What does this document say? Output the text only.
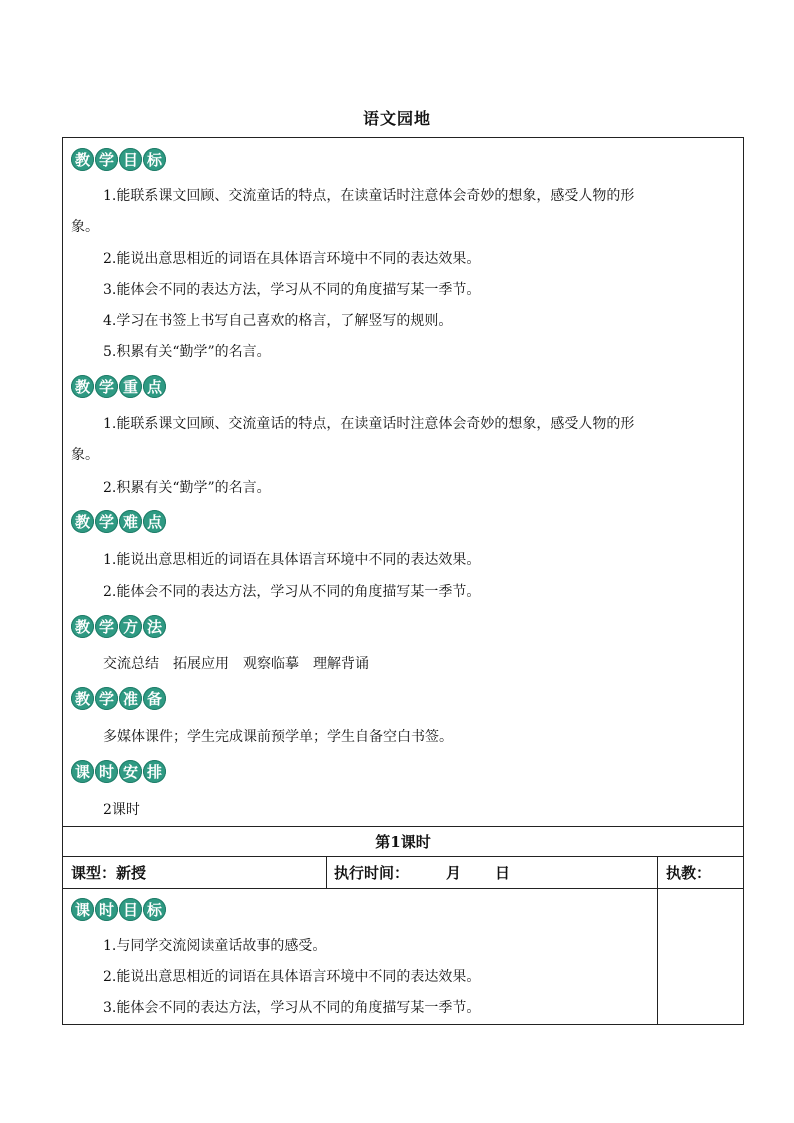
语文园地
教 学 目 标
1.能联系课文回顾、交流童话的特点，在读童话时注意体会奇妙的想象，感受人物的形
象。
2.能说出意思相近的词语在具体语言环境中不同的表达效果。
3.能体会不同的表达方法，学习从不同的角度描写某一季节。
4.学习在书签上书写自己喜欢的格言，了解竖写的规则。
5.积累有关“勤学”的名言。
教 学 重 点
1.能联系课文回顾、交流童话的特点，在读童话时注意体会奇妙的想象，感受人物的形
象。
2.积累有关“勤学”的名言。
教 学 难 点
1.能说出意思相近的词语在具体语言环境中不同的表达效果。
2.能体会不同的表达方法，学习从不同的角度描写某一季节。
教 学 方 法
交流总结　拓展应用　观察临摹　理解背诵
教 学 准 备
多媒体课件；学生完成课前预学单；学生自备空白书签。
课 时 安 排
2课时
第1课时
课型：新授	执行时间： 月 日	执教：
课 时 目 标
1.与同学交流阅读童话故事的感受。
2.能说出意思相近的词语在具体语言环境中不同的表达效果。
3.能体会不同的表达方法，学习从不同的角度描写某一季节。
